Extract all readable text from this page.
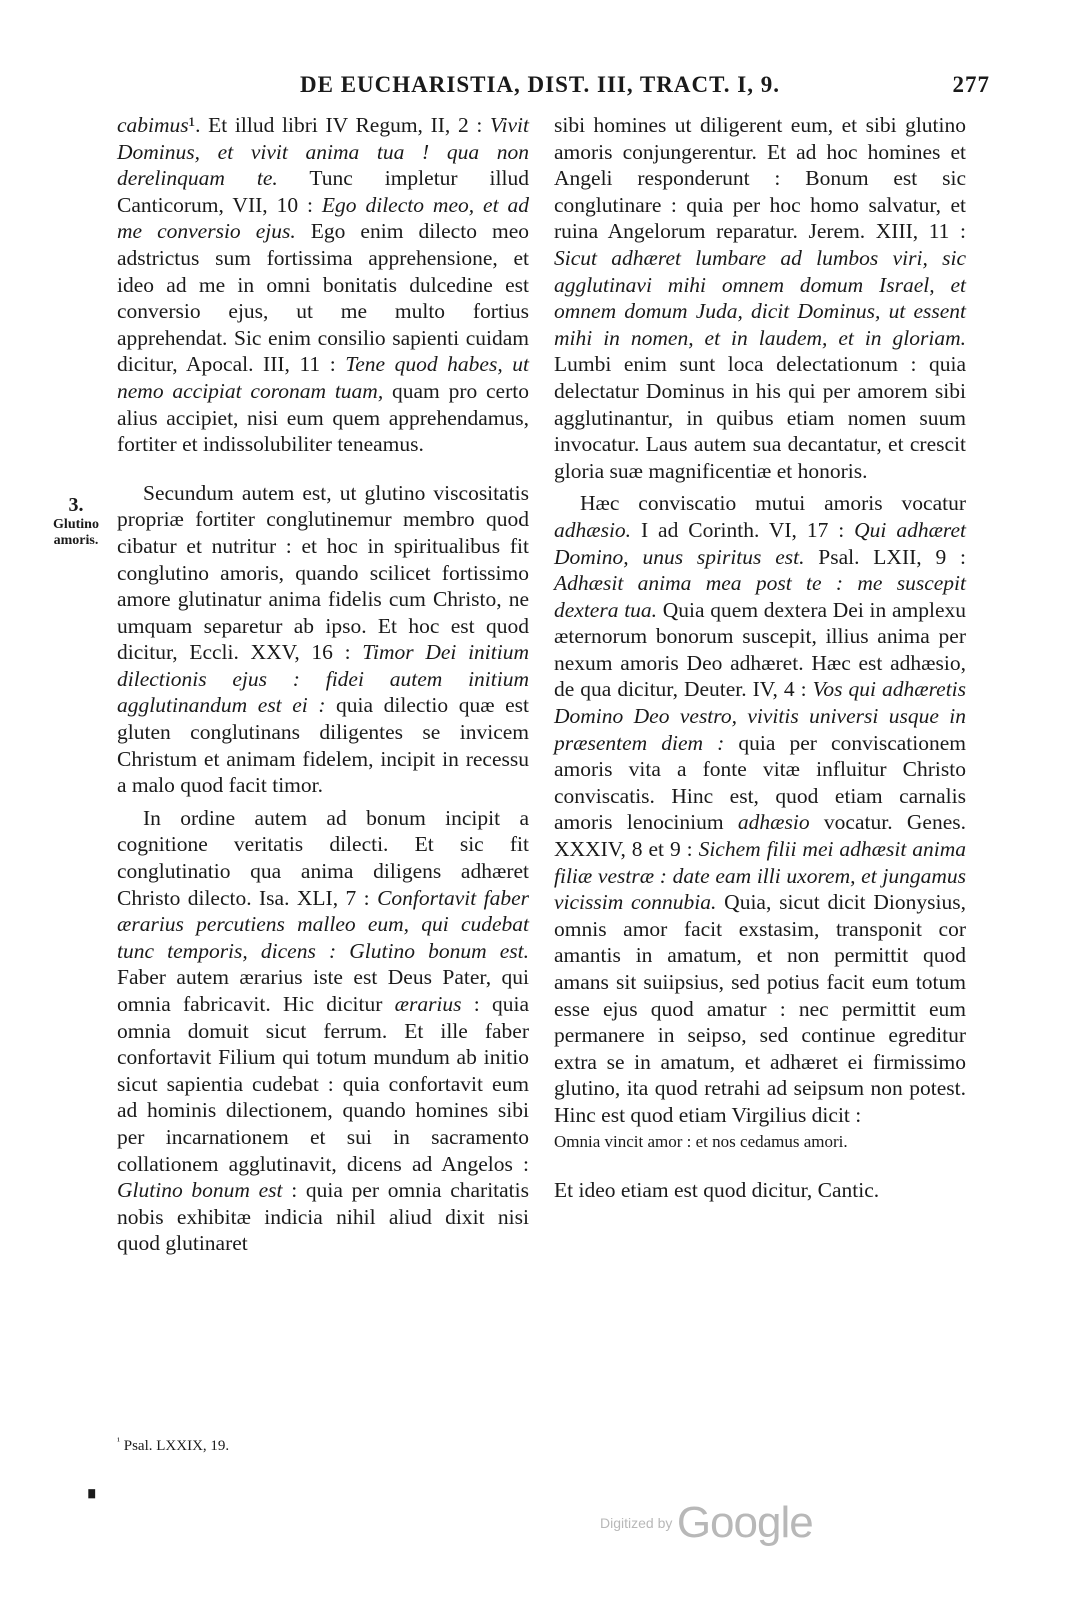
DE EUCHARISTIA, DIST. III, TRACT. I, 9.	277
3.
Glutino
amoris.

cabimus¹. Et illud libri IV Regum, II, 2 : Vivit Dominus, et vivit anima tua ! qua non derelinquam te. Tunc impletur illud Canticorum, VII, 10 : Ego dilecto meo, et ad me conversio ejus. Ego enim dilecto meo adstrictus sum fortissima apprehensione, et ideo ad me in omni bonitatis dulcedine est conversio ejus, ut me multo fortius apprehendat. Sic enim consilio sapienti cuidam dicitur, Apocal. III, 11 : Tene quod habes, ut nemo accipiat coronam tuam, quam pro certo alius accipiet, nisi eum quem apprehendamus, fortiter et indissolubiliter teneamus.

Secundum autem est, ut glutino viscositatis propriæ fortiter conglutinemur membro quod cibatur et nutritur : et hoc in spiritualibus fit conglutino amoris, quando scilicet fortissimo amore glutinatur anima fidelis cum Christo, ne umquam separetur ab ipso. Et hoc est quod dicitur, Eccli. XXV, 16 : Timor Dei initium dilectionis ejus : fidei autem initium agglutinandum est ei : quia dilectio quæ est gluten conglutinans diligentes se invicem Christum et animam fidelem, incipit in recessu a malo quod facit timor.

In ordine autem ad bonum incipit a cognitione veritatis dilecti. Et sic fit conglutinatio qua anima diligens adhæret Christo dilecto. Isa. XLI, 7 : Confortavit faber ærarius percutiens malleo eum, qui cudebat tunc temporis, dicens : Glutino bonum est. Faber autem ærarius iste est Deus Pater, qui omnia fabricavit. Hic dicitur ærarius : quia omnia domuit sicut ferrum. Et ille faber confortavit Filium qui totum mundum ab initio sicut sapientia cudebat : quia confortavit eum ad hominis dilectionem, quando homines sibi per incarnationem et sui in sacramento collationem agglutinavit, dicens ad Angelos : Glutino bonum est : quia per omnia charitatis nobis exhibitæ indicia nihil aliud dixit nisi quod glutinaret

sibi homines ut diligerent eum, et sibi glutino amoris conjungerentur. Et ad hoc homines et Angeli responderunt : Bonum est sic conglutinare : quia per hoc homo salvatur, et ruina Angelorum reparatur. Jerem. XIII, 11 : Sicut adhæret lumbare ad lumbos viri, sic agglutinavi mihi omnem domum Israel, et omnem domum Juda, dicit Dominus, ut essent mihi in nomen, et in laudem, et in gloriam. Lumbi enim sunt loca delectationum : quia delectatur Dominus in his qui per amorem sibi agglutinantur, in quibus etiam nomen suum invocatur. Laus autem sua decantatur, et crescit gloria suæ magnificentiæ et honoris.

Hæc conviscatio mutui amoris vocatur adhæsio. I ad Corinth. VI, 17 : Qui adhæret Domino, unus spiritus est. Psal. LXII, 9 : Adhæsit anima mea post te : me suscepit dextera tua. Quia quem dextera Dei in amplexu æternorum bonorum suscepit, illius anima per nexum amoris Deo adhæret. Hæc est adhæsio, de qua dicitur, Deuter. IV, 4 : Vos qui adhæretis Domino Deo vestro, vivitis universi usque in præsentem diem : quia per conviscationem amoris vita a fonte vitæ influitur Christo conviscatis. Hinc est, quod etiam carnalis amoris lenocinium adhæsio vocatur. Genes. XXXIV, 8 et 9 : Sichem filii mei adhæsit anima filiæ vestræ : date eam illi uxorem, et jungamus vicissim connubia. Quia, sicut dicit Dionysius, omnis amor facit exstasim, transponit cor amantis in amatum, et non permittit quod amans sit suiipsius, sed potius facit eum totum esse ejus quod amatur : nec permittit eum permanere in seipso, sed continue egreditur extra se in amatum, et adhæret ei firmissimo glutino, ita quod retrahi ad seipsum non potest. Hinc est quod etiam Virgilius dicit :

Omnia vincit amor : et nos cedamus amori.

Et ideo etiam est quod dicitur, Cantic.

$^{^1}$ Psal. LXXIX, 19.
∎
Digitized by Google
